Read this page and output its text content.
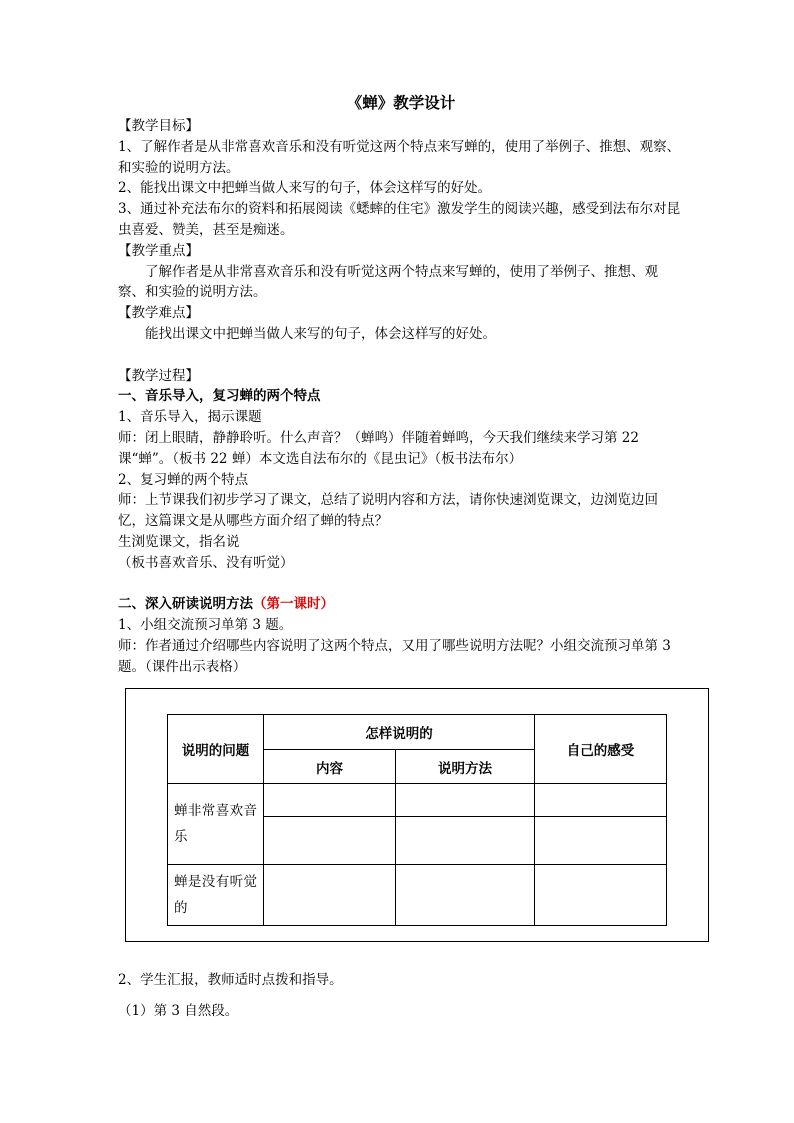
《蝉》教学设计

【教学目标】

1、了解作者是从非常喜欢音乐和没有听觉这两个特点来写蝉的，使用了举例子、推想、观察、和实验的说明方法。

2、能找出课文中把蝉当做人来写的句子，体会这样写的好处。

3、通过补充法布尔的资料和拓展阅读《蟋蟀的住宅》激发学生的阅读兴趣，感受到法布尔对昆虫喜爱、赞美，甚至是痴迷。

【教学重点】

了解作者是从非常喜欢音乐和没有听觉这两个特点来写蝉的，使用了举例子、推想、观察、和实验的说明方法。

【教学难点】

能找出课文中把蝉当做人来写的句子，体会这样写的好处。

【教学过程】

一、音乐导入，复习蝉的两个特点

1、音乐导入，揭示课题

师：闭上眼睛，静静聆听。什么声音？（蝉鸣）伴随着蝉鸣，今天我们继续来学习第 22 课“蝉”。（板书 22 蝉）本文选自法布尔的《昆虫记》（板书法布尔）

2、复习蝉的两个特点

师：上节课我们初步学习了课文，总结了说明内容和方法，请你快速浏览课文，边浏览边回忆，这篇课文是从哪些方面介绍了蝉的特点？

生浏览课文，指名说

（板书喜欢音乐、没有听觉）

二、深入研读说明方法（第一课时）

1、小组交流预习单第 3 题。

师：作者通过介绍哪些内容说明了这两个特点，又用了哪些说明方法呢？小组交流预习单第 3 题。（课件出示表格）

说明的问题	怎样说明的		自己的感受
	内容	说明方法	
蝉非常喜欢音乐			

蝉是没有听觉的			

2、学生汇报，教师适时点拨和指导。

（1）第 3 自然段。
